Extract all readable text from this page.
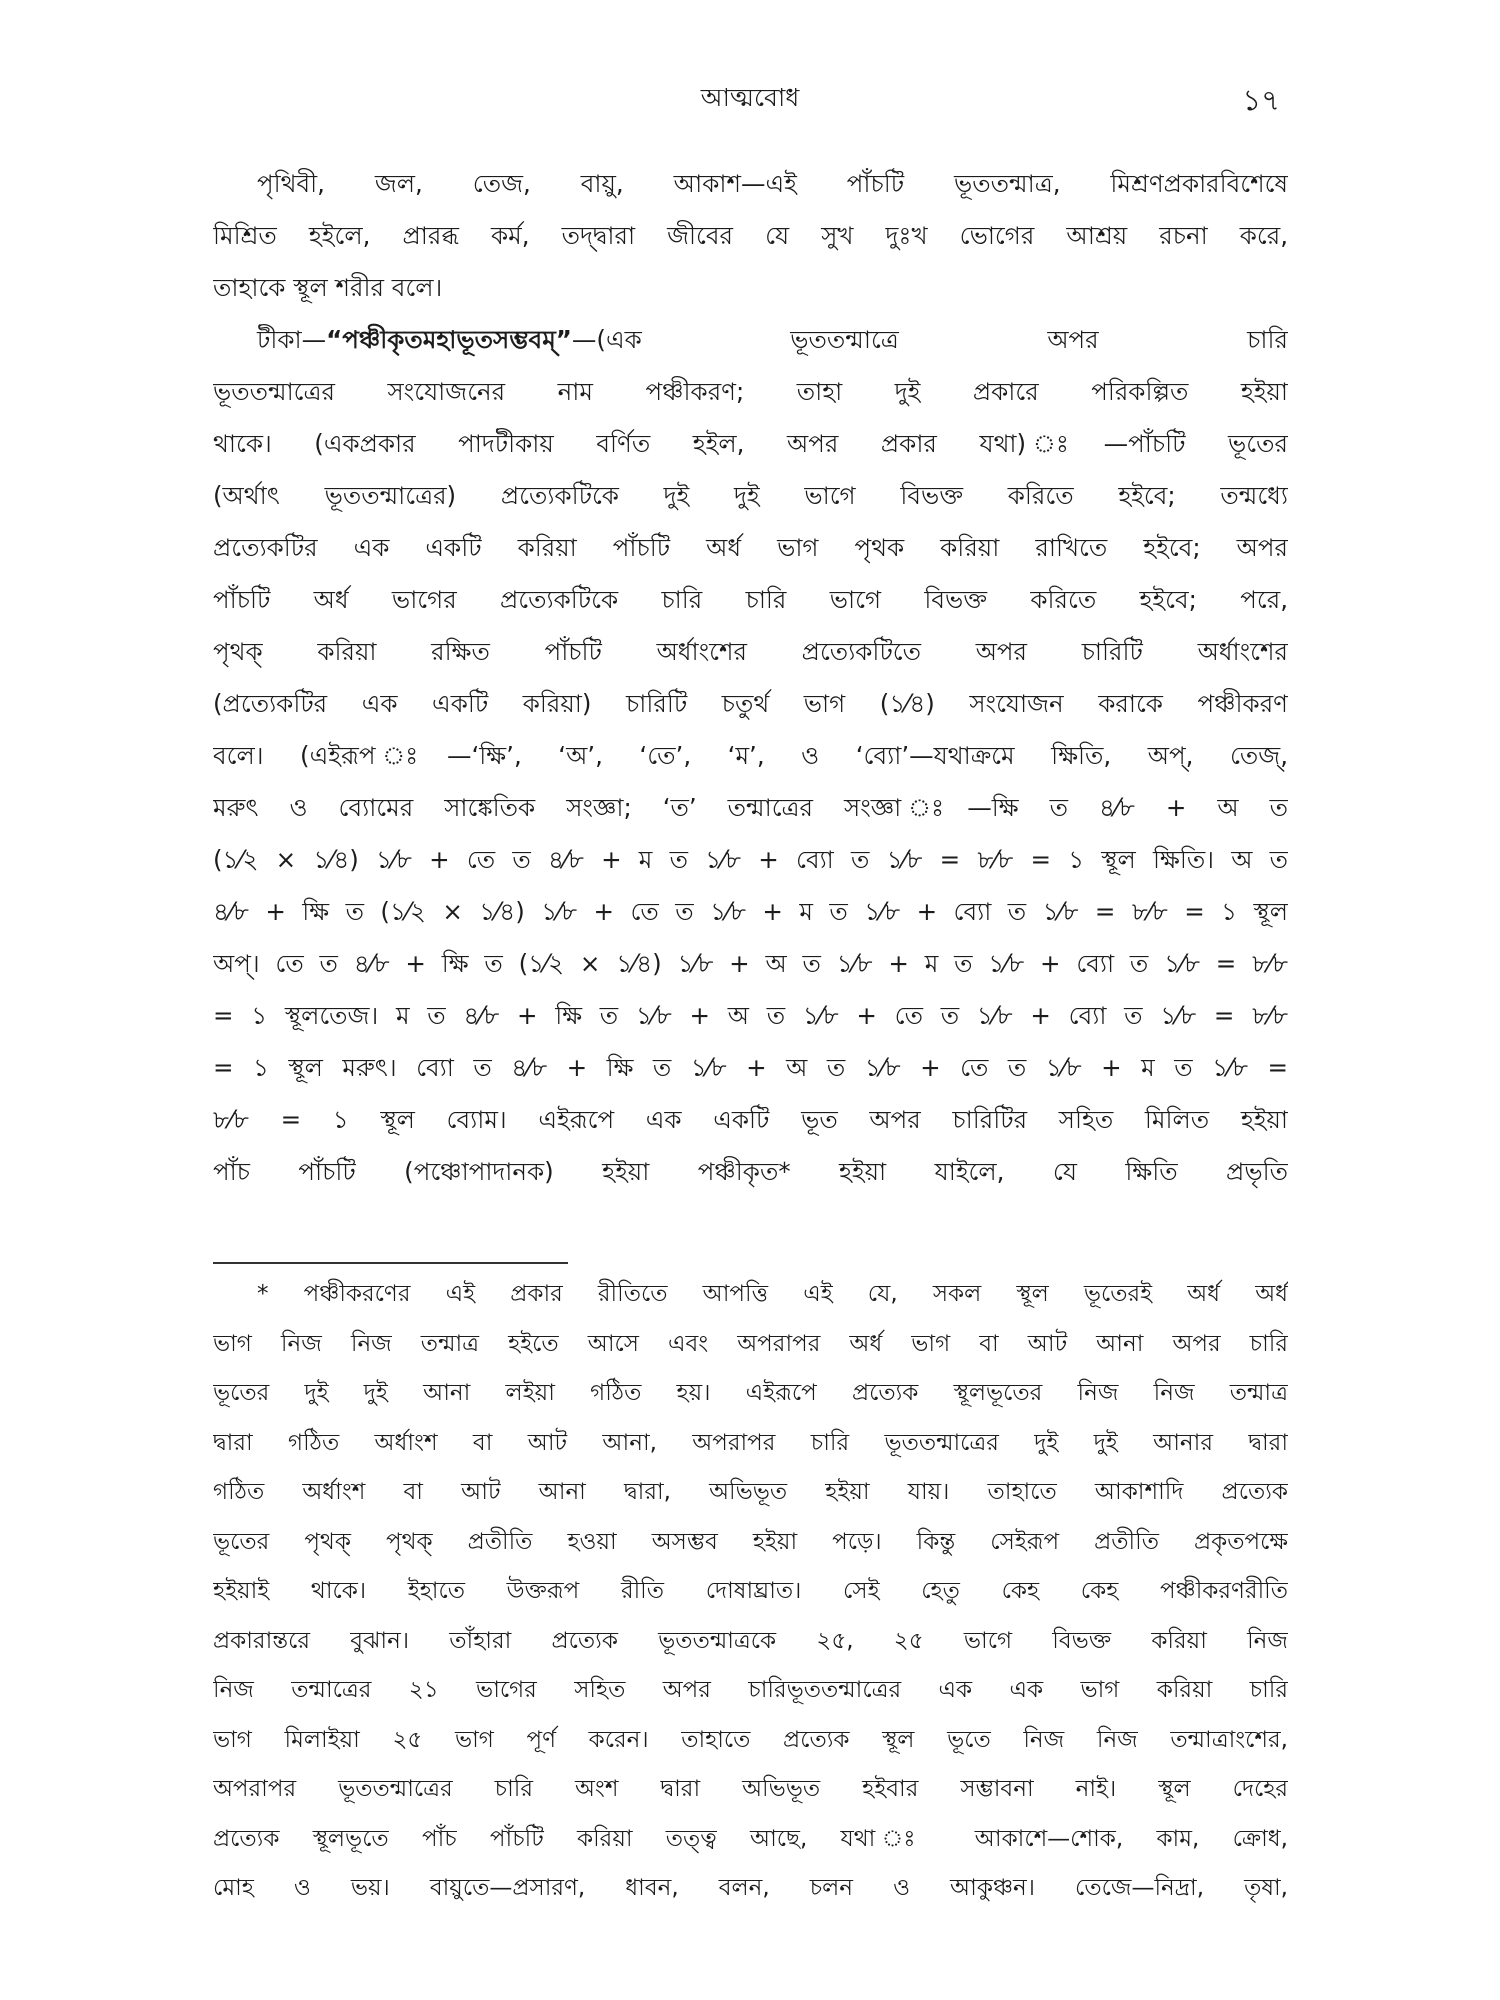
আত্মবোধ	১৭
পৃথিবী, জল, তেজ, বায়ু, আকাশ—এই পাঁচটি ভূততন্মাত্র, মিশ্রণপ্রকারবিশেষে
মিশ্রিত হইলে, প্রারব্ধ কর্ম, তদ্দ্বারা জীবের যে সুখ দুঃখ ভোগের আশ্রয় রচনা করে,
তাহাকে স্থূল শরীর বলে।
টীকা—“পঞ্চীকৃতমহাভূতসম্ভবম্”—(এক ভূততন্মাত্রে অপর চারি
ভূততন্মাত্রের সংযোজনের নাম পঞ্চীকরণ; তাহা দুই প্রকারে পরিকল্পিত হইয়া
থাকে। (একপ্রকার পাদটীকায় বর্ণিত হইল, অপর প্রকার যথা) ঃ—পাঁচটি ভূতের
(অর্থাৎ ভূততন্মাত্রের) প্রত্যেকটিকে দুই দুই ভাগে বিভক্ত করিতে হইবে; তন্মধ্যে
প্রত্যেকটির এক একটি করিয়া পাঁচটি অর্ধ ভাগ পৃথক করিয়া রাখিতে হইবে; অপর
পাঁচটি অর্ধ ভাগের প্রত্যেকটিকে চারি চারি ভাগে বিভক্ত করিতে হইবে; পরে,
পৃথক্ করিয়া রক্ষিত পাঁচটি অর্ধাংশের প্রত্যেকটিতে অপর চারিটি অর্ধাংশের
(প্রত্যেকটির এক একটি করিয়া) চারিটি চতুর্থ ভাগ (১⁄৪) সংযোজন করাকে পঞ্চীকরণ
বলে। (এইরূপ ঃ—‘ক্ষি’, ‘অ’, ‘তে’, ‘ম’, ও ‘ব্যো’—যথাক্রমে ক্ষিতি, অপ্, তেজ্,
মরুৎ ও ব্যোমের সাঙ্কেতিক সংজ্ঞা; ‘ত’ তন্মাত্রের সংজ্ঞা ঃ—ক্ষি ত ৪⁄৮ + অ ত
(১⁄২ × ১⁄৪) ১⁄৮ + তে ত ৪⁄৮ + ম ত ১⁄৮ + ব্যো ত ১⁄৮ = ৮⁄৮ = ১ স্থূল ক্ষিতি। অ ত
৪⁄৮ + ক্ষি ত (১⁄২ × ১⁄৪) ১⁄৮ + তে ত ১⁄৮ + ম ত ১⁄৮ + ব্যো ত ১⁄৮ = ৮⁄৮ = ১ স্থূল
অপ্। তে ত ৪⁄৮ + ক্ষি ত (১⁄২ × ১⁄৪) ১⁄৮ + অ ত ১⁄৮ + ম ত ১⁄৮ + ব্যো ত ১⁄৮ = ৮⁄৮
= ১ স্থূলতেজ। ম ত ৪⁄৮ + ক্ষি ত ১⁄৮ + অ ত ১⁄৮ + তে ত ১⁄৮ + ব্যো ত ১⁄৮ = ৮⁄৮
= ১ স্থূল মরুৎ। ব্যো ত ৪⁄৮ + ক্ষি ত ১⁄৮ + অ ত ১⁄৮ + তে ত ১⁄৮ + ম ত ১⁄৮ =
৮⁄৮ = ১ স্থূল ব্যোম। এইরূপে এক একটি ভূত অপর চারিটির সহিত মিলিত হইয়া
পাঁচ পাঁচটি (পঞ্চোপাদানক) হইয়া পঞ্চীকৃত* হইয়া যাইলে, যে ক্ষিতি প্রভৃতি
* পঞ্চীকরণের এই প্রকার রীতিতে আপত্তি এই যে, সকল স্থূল ভূতেরই অর্ধ অর্ধ
ভাগ নিজ নিজ তন্মাত্র হইতে আসে এবং অপরাপর অর্ধ ভাগ বা আট আনা অপর চারি
ভূতের দুই দুই আনা লইয়া গঠিত হয়। এইরূপে প্রত্যেক স্থূলভূতের নিজ নিজ তন্মাত্র
দ্বারা গঠিত অর্ধাংশ বা আট আনা, অপরাপর চারি ভূততন্মাত্রের দুই দুই আনার দ্বারা
গঠিত অর্ধাংশ বা আট আনা দ্বারা, অভিভূত হইয়া যায়। তাহাতে আকাশাদি প্রত্যেক
ভূতের পৃথক্ পৃথক্ প্রতীতি হওয়া অসম্ভব হইয়া পড়ে। কিন্তু সেইরূপ প্রতীতি প্রকৃতপক্ষে
হইয়াই থাকে। ইহাতে উক্তরূপ রীতি দোষাঘ্রাত। সেই হেতু কেহ কেহ পঞ্চীকরণরীতি
প্রকারান্তরে বুঝান। তাঁহারা প্রত্যেক ভূততন্মাত্রকে ২৫, ২৫ ভাগে বিভক্ত করিয়া নিজ
নিজ তন্মাত্রের ২১ ভাগের সহিত অপর চারিভূততন্মাত্রের এক এক ভাগ করিয়া চারি
ভাগ মিলাইয়া ২৫ ভাগ পূর্ণ করেন। তাহাতে প্রত্যেক স্থূল ভূতে নিজ নিজ তন্মাত্রাংশের,
অপরাপর ভূততন্মাত্রের চারি অংশ দ্বারা অভিভূত হইবার সম্ভাবনা নাই। স্থূল দেহের
প্রত্যেক স্থূলভূতে পাঁচ পাঁচটি করিয়া তত্ত্ব আছে, যথা ঃ আকাশে—শোক, কাম, ক্রোধ,
মোহ ও ভয়। বায়ুতে—প্রসারণ, ধাবন, বলন, চলন ও আকুঞ্চন। তেজে—নিদ্রা, তৃষা,
